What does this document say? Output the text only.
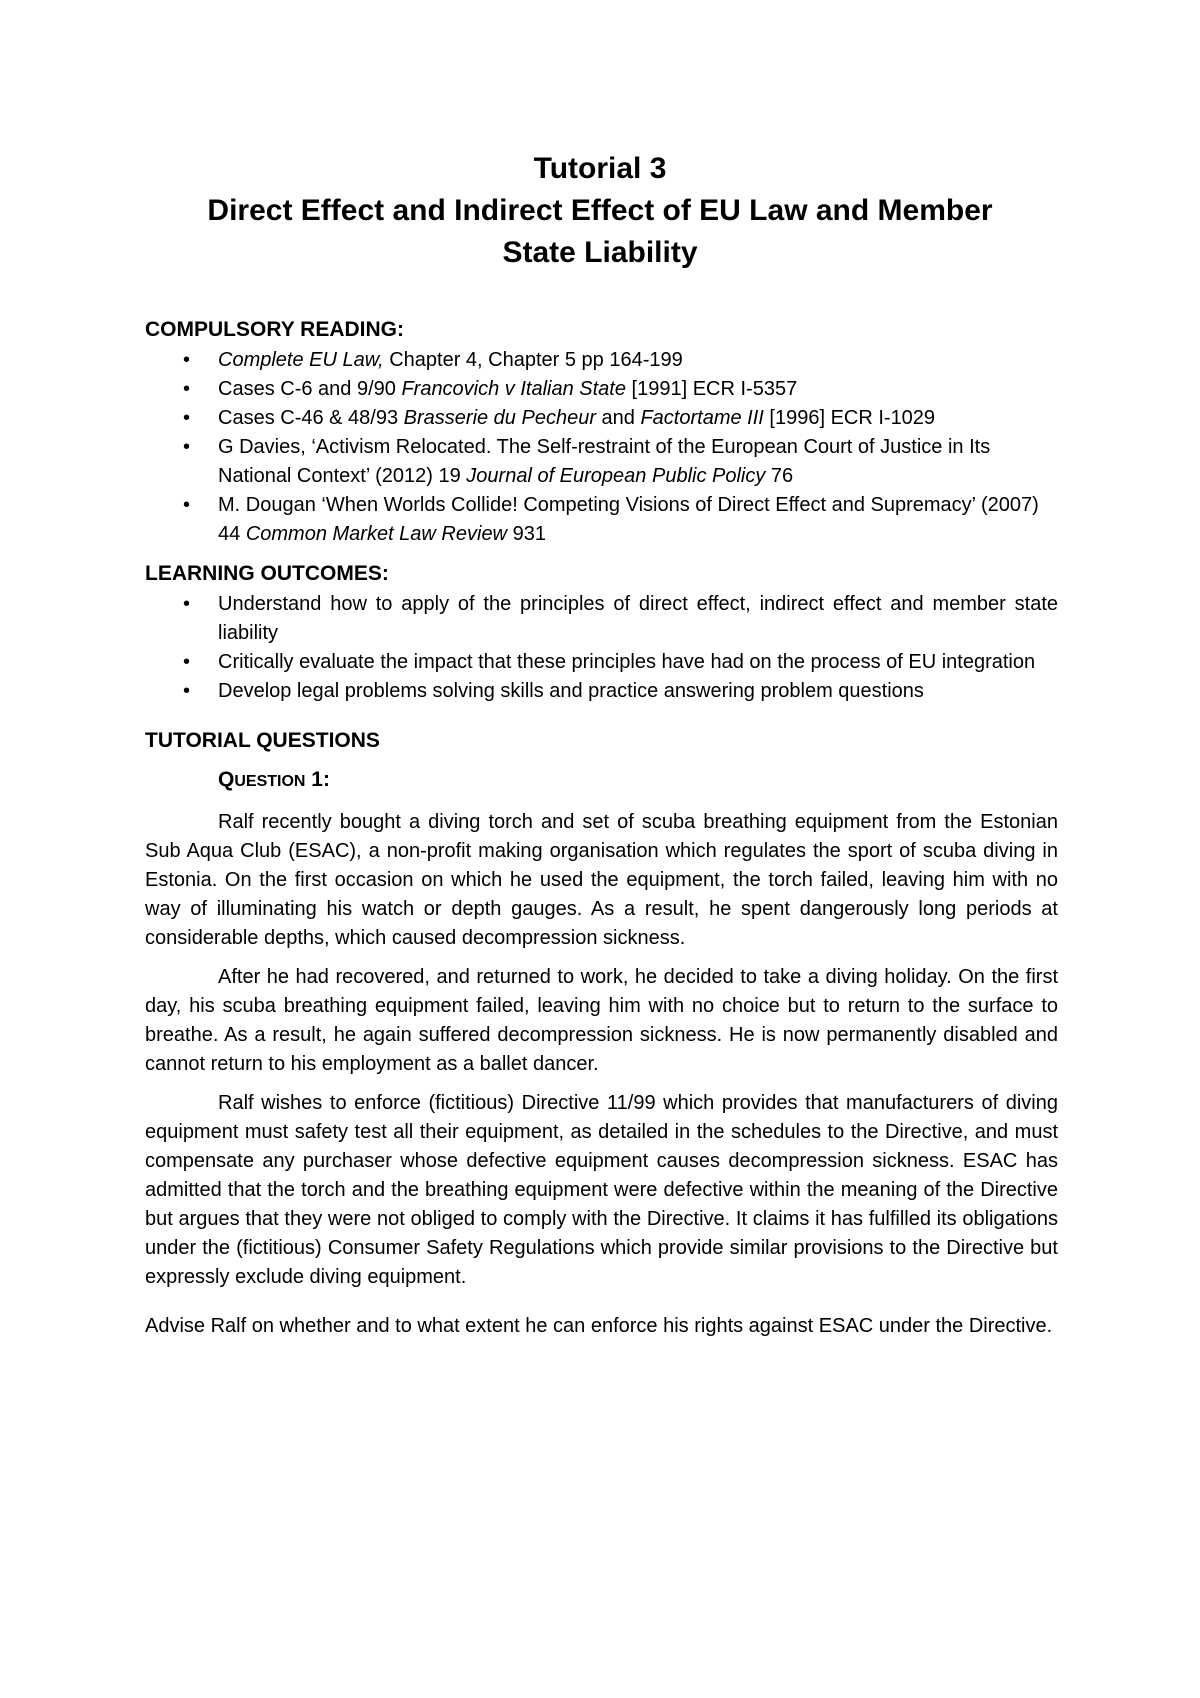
Tutorial 3

Direct Effect and Indirect Effect of EU Law and Member

State Liability

COMPULSORY READING:

• Complete EU Law, Chapter 4, Chapter 5 pp 164-199
• Cases C-6 and 9/90 Francovich v Italian State [1991] ECR I-5357
• Cases C-46 & 48/93 Brasserie du Pecheur and Factortame III [1996] ECR I-1029
• G Davies, ‘Activism Relocated. The Self-restraint of the European Court of Justice in Its National Context’ (2012) 19 Journal of European Public Policy 76
• M. Dougan ‘When Worlds Collide! Competing Visions of Direct Effect and Supremacy’ (2007) 44 Common Market Law Review 931

LEARNING OUTCOMES:

• Understand how to apply of the principles of direct effect, indirect effect and member state liability
• Critically evaluate the impact that these principles have had on the process of EU integration
• Develop legal problems solving skills and practice answering problem questions

TUTORIAL QUESTIONS

QUESTION 1:

Ralf recently bought a diving torch and set of scuba breathing equipment from the Estonian Sub Aqua Club (ESAC), a non-profit making organisation which regulates the sport of scuba diving in Estonia. On the first occasion on which he used the equipment, the torch failed, leaving him with no way of illuminating his watch or depth gauges. As a result, he spent dangerously long periods at considerable depths, which caused decompression sickness.

After he had recovered, and returned to work, he decided to take a diving holiday. On the first day, his scuba breathing equipment failed, leaving him with no choice but to return to the surface to breathe. As a result, he again suffered decompression sickness. He is now permanently disabled and cannot return to his employment as a ballet dancer.

Ralf wishes to enforce (fictitious) Directive 11/99 which provides that manufacturers of diving equipment must safety test all their equipment, as detailed in the schedules to the Directive, and must compensate any purchaser whose defective equipment causes decompression sickness. ESAC has admitted that the torch and the breathing equipment were defective within the meaning of the Directive but argues that they were not obliged to comply with the Directive. It claims it has fulfilled its obligations under the (fictitious) Consumer Safety Regulations which provide similar provisions to the Directive but expressly exclude diving equipment.

Advise Ralf on whether and to what extent he can enforce his rights against ESAC under the Directive.
